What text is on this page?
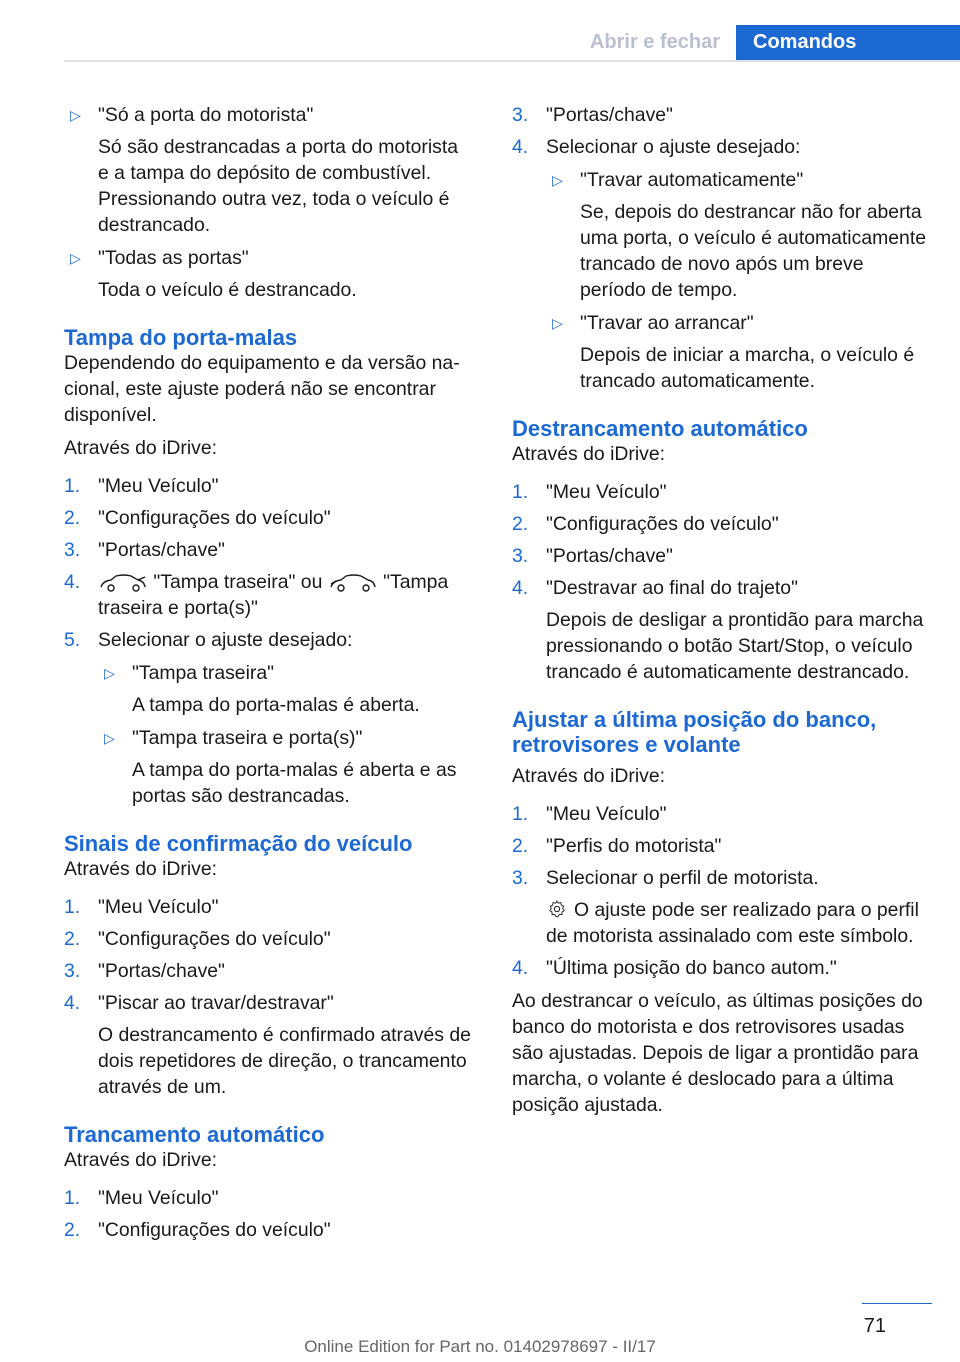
Abrir e fechar	Comandos
▷ "Só a porta do motorista"
Só são destrancadas a porta do motorista e a tampa do depósito de combustível. Pressionando outra vez, toda o veículo é destrancado.
▷ "Todas as portas"
Toda o veículo é destrancado.
Tampa do porta-malas
Dependendo do equipamento e da versão nacional, este ajuste poderá não se encontrar disponível.
Através do iDrive:
1. "Meu Veículo"
2. "Configurações do veículo"
3. "Portas/chave"
4.	"Tampa traseira" ou	"Tampa traseira e porta(s)"
5. Selecionar o ajuste desejado:
▷ "Tampa traseira"
A tampa do porta-malas é aberta.
▷ "Tampa traseira e porta(s)"
A tampa do porta-malas é aberta e as portas são destrancadas.
Sinais de confirmação do veículo
Através do iDrive:
1. "Meu Veículo"
2. "Configurações do veículo"
3. "Portas/chave"
4. "Piscar ao travar/destravar"
O destrancamento é confirmado através de dois repetidores de direção, o trancamento através de um.
Trancamento automático
Através do iDrive:
1. "Meu Veículo"
2. "Configurações do veículo"
3. "Portas/chave"
4. Selecionar o ajuste desejado:
▷ "Travar automaticamente"
Se, depois do destrancar não for aberta uma porta, o veículo é automaticamente trancado de novo após um breve período de tempo.
▷ "Travar ao arrancar"
Depois de iniciar a marcha, o veículo é trancado automaticamente.
Destrancamento automático
Através do iDrive:
1. "Meu Veículo"
2. "Configurações do veículo"
3. "Portas/chave"
4. "Destravar ao final do trajeto"
Depois de desligar a prontidão para marcha pressionando o botão Start/Stop, o veículo trancado é automaticamente destrancado.
Ajustar a última posição do banco, retrovisores e volante
Através do iDrive:
1. "Meu Veículo"
2. "Perfis do motorista"
3. Selecionar o perfil de motorista.
O ajuste pode ser realizado para o perfil de motorista assinalado com este símbolo.
4. "Última posição do banco autom."
Ao destrancar o veículo, as últimas posições do banco do motorista e dos retrovisores usadas são ajustadas. Depois de ligar a prontidão para marcha, o volante é deslocado para a última posição ajustada.
71
Online Edition for Part no. 01402978697 - II/17
